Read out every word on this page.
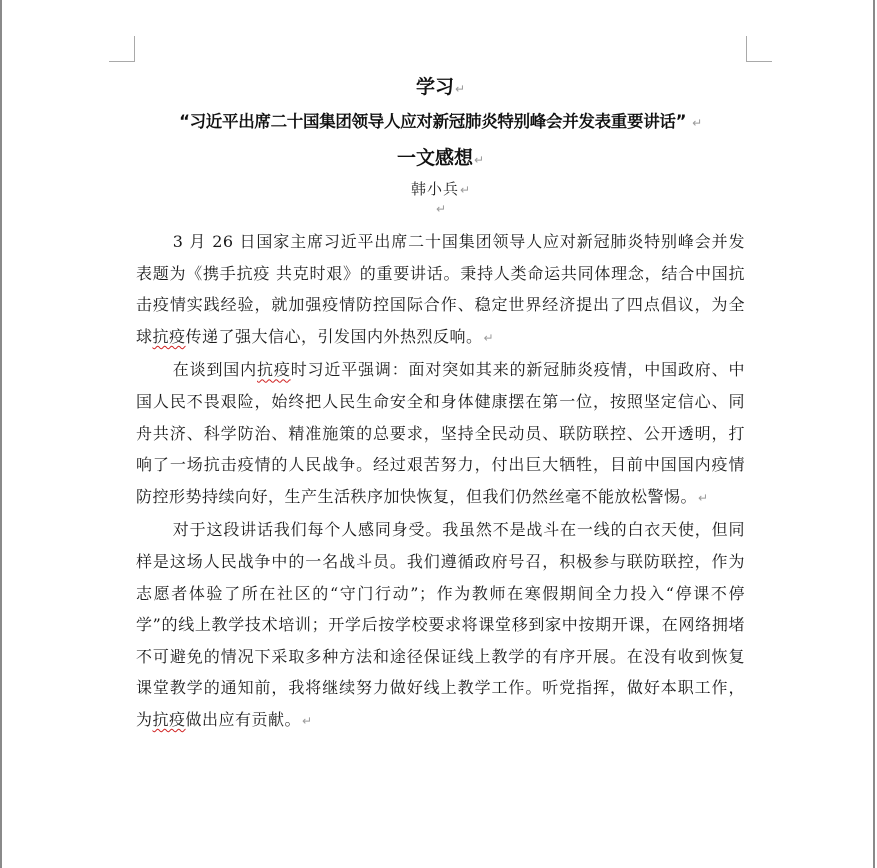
学习↵
“习近平出席二十国集团领导人应对新冠肺炎特别峰会并发表重要讲话” ↵
一文感想↵
韩小兵↵
↵

3 月 26 日国家主席习近平出席二十国集团领导人应对新冠肺炎特别峰会并发表题为《携手抗疫 共克时艰》的重要讲话。秉持人类命运共同体理念，结合中国抗击疫情实践经验，就加强疫情防控国际合作、稳定世界经济提出了四点倡议，为全球抗疫传递了强大信心，引发国内外热烈反响。↵

在谈到国内抗疫时习近平强调：面对突如其来的新冠肺炎疫情，中国政府、中国人民不畏艰险，始终把人民生命安全和身体健康摆在第一位，按照坚定信心、同舟共济、科学防治、精准施策的总要求，坚持全民动员、联防联控、公开透明，打响了一场抗击疫情的人民战争。经过艰苦努力，付出巨大牺牲，目前中国国内疫情防控形势持续向好，生产生活秩序加快恢复，但我们仍然丝毫不能放松警惕。↵

对于这段讲话我们每个人感同身受。我虽然不是战斗在一线的白衣天使，但同样是这场人民战争中的一名战斗员。我们遵循政府号召，积极参与联防联控，作为志愿者体验了所在社区的“守门行动”；作为教师在寒假期间全力投入“停课不停学”的线上教学技术培训；开学后按学校要求将课堂移到家中按期开课，在网络拥堵不可避免的情况下采取多种方法和途径保证线上教学的有序开展。在没有收到恢复课堂教学的通知前，我将继续努力做好线上教学工作。听党指挥，做好本职工作，为抗疫做出应有贡献。↵
